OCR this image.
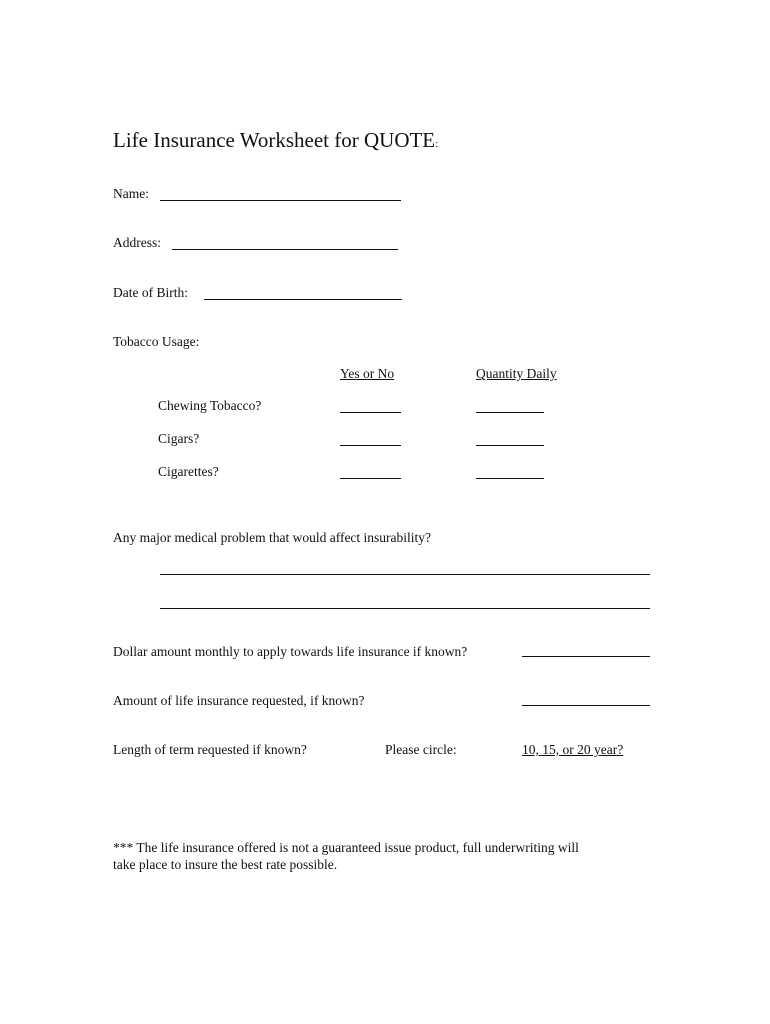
Life Insurance Worksheet for QUOTE:
Name:
Address:
Date of Birth:
Tobacco Usage:
Yes or No	Quantity Daily
Chewing Tobacco?
Cigars?
Cigarettes?
Any major medical problem that would affect insurability?
Dollar amount monthly to apply towards life insurance if known?
Amount of life insurance requested, if known?
Length of term requested if known?	Please circle:	10, 15, or 20 year?
*** The life insurance offered is not a guaranteed issue product, full underwriting will
take place to insure the best rate possible.
